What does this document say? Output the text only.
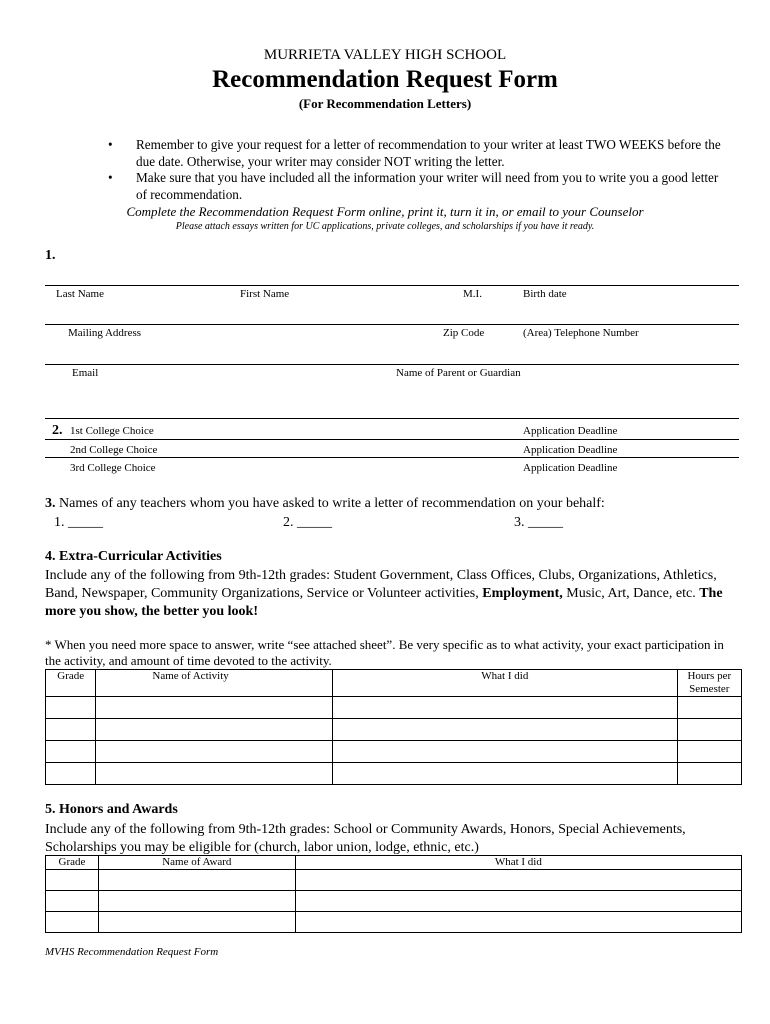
MURRIETA VALLEY HIGH SCHOOL
Recommendation Request Form
(For Recommendation Letters)
• Remember to give your request for a letter of recommendation to your writer at least TWO WEEKS before the due date. Otherwise, your writer may consider NOT writing the letter.
• Make sure that you have included all the information your writer will need from you to write you a good letter of recommendation.
Complete the Recommendation Request Form online, print it, turn it in, or email to your Counselor
Please attach essays written for UC applications, private colleges, and scholarships if you have it ready.
1.
Last Name	First Name	M.I.	Birth date
Mailing Address	Zip Code	(Area) Telephone Number
Email	Name of Parent or Guardian
2. 1st College Choice	Application Deadline
2nd College Choice	Application Deadline
3rd College Choice	Application Deadline
3. Names of any teachers whom you have asked to write a letter of recommendation on your behalf:
1. _____	2. _____	3. _____
4. Extra-Curricular Activities
Include any of the following from 9th-12th grades: Student Government, Class Offices, Clubs, Organizations, Athletics, Band, Newspaper, Community Organizations, Service or Volunteer activities, Employment, Music, Art, Dance, etc. The more you show, the better you look!
* When you need more space to answer, write “see attached sheet”. Be very specific as to what activity, your exact participation in the activity, and amount of time devoted to the activity.
Grade	Name of Activity	What I did	Hours per Semester

5. Honors and Awards
Include any of the following from 9th-12th grades: School or Community Awards, Honors, Special Achievements, Scholarships you may be eligible for (church, labor union, lodge, ethnic, etc.)
Grade	Name of Award	What I did

MVHS Recommendation Request Form
